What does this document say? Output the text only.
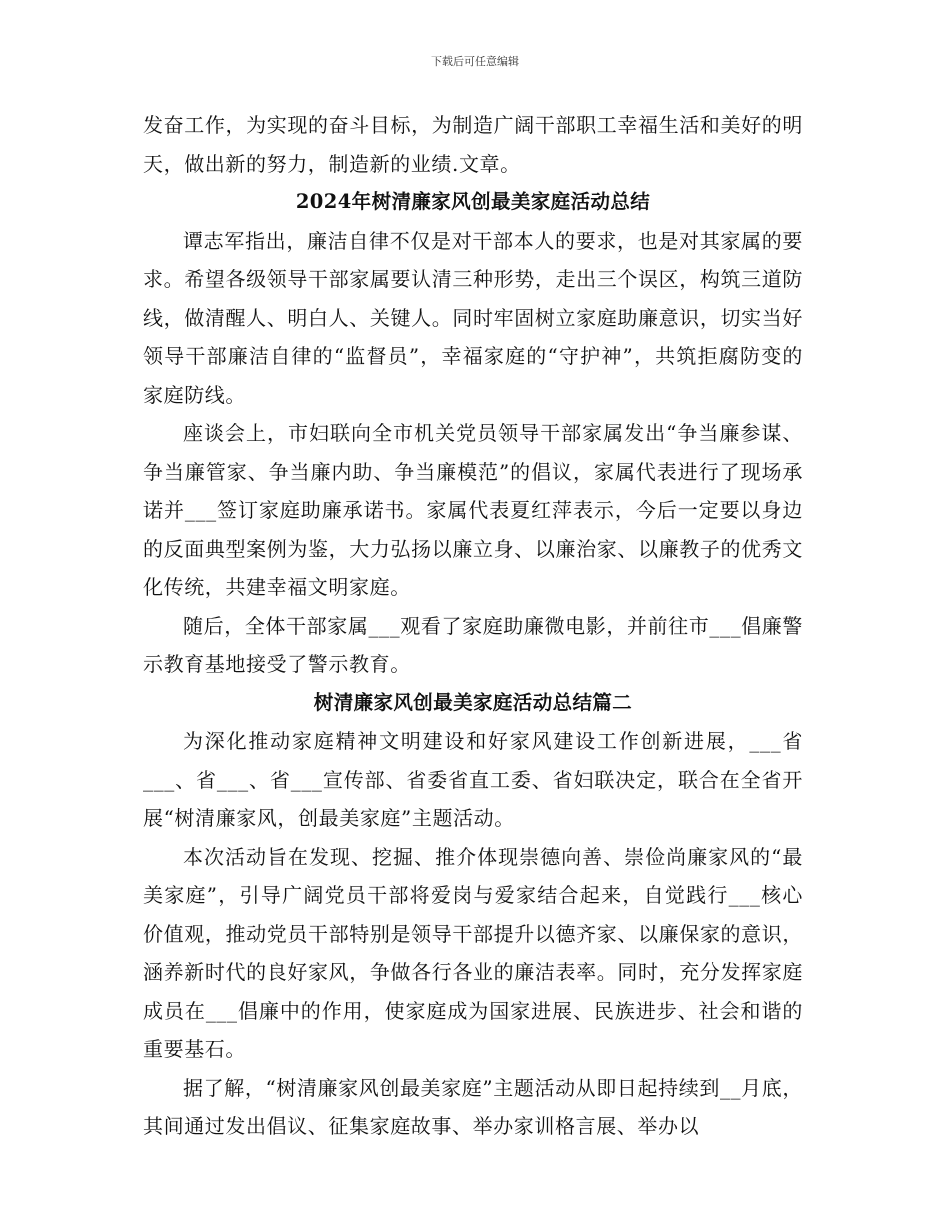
下载后可任意编辑

发奋工作，为实现的奋斗目标，为制造广阔干部职工幸福生活和美好的明天，做出新的努力，制造新的业绩.文章。

2024年树清廉家风创最美家庭活动总结

谭志军指出，廉洁自律不仅是对干部本人的要求，也是对其家属的要求。希望各级领导干部家属要认清三种形势，走出三个误区，构筑三道防线，做清醒人、明白人、关键人。同时牢固树立家庭助廉意识，切实当好领导干部廉洁自律的“监督员”，幸福家庭的“守护神”，共筑拒腐防变的家庭防线。

座谈会上，市妇联向全市机关党员领导干部家属发出“争当廉参谋、争当廉管家、争当廉内助、争当廉模范”的倡议，家属代表进行了现场承诺并___签订家庭助廉承诺书。家属代表夏红萍表示，今后一定要以身边的反面典型案例为鉴，大力弘扬以廉立身、以廉治家、以廉教子的优秀文化传统，共建幸福文明家庭。

随后，全体干部家属___观看了家庭助廉微电影，并前往市___倡廉警示教育基地接受了警示教育。

树清廉家风创最美家庭活动总结篇二

为深化推动家庭精神文明建设和好家风建设工作创新进展，___省___、省___、省___宣传部、省委省直工委、省妇联决定，联合在全省开展“树清廉家风，创最美家庭”主题活动。

本次活动旨在发现、挖掘、推介体现崇德向善、崇俭尚廉家风的“最美家庭”，引导广阔党员干部将爱岗与爱家结合起来，自觉践行___核心价值观，推动党员干部特别是领导干部提升以德齐家、以廉保家的意识，涵养新时代的良好家风，争做各行各业的廉洁表率。同时，充分发挥家庭成员在___倡廉中的作用，使家庭成为国家进展、民族进步、社会和谐的重要基石。

据了解，“树清廉家风创最美家庭”主题活动从即日起持续到__月底，其间通过发出倡议、征集家庭故事、举办家训格言展、举办以
